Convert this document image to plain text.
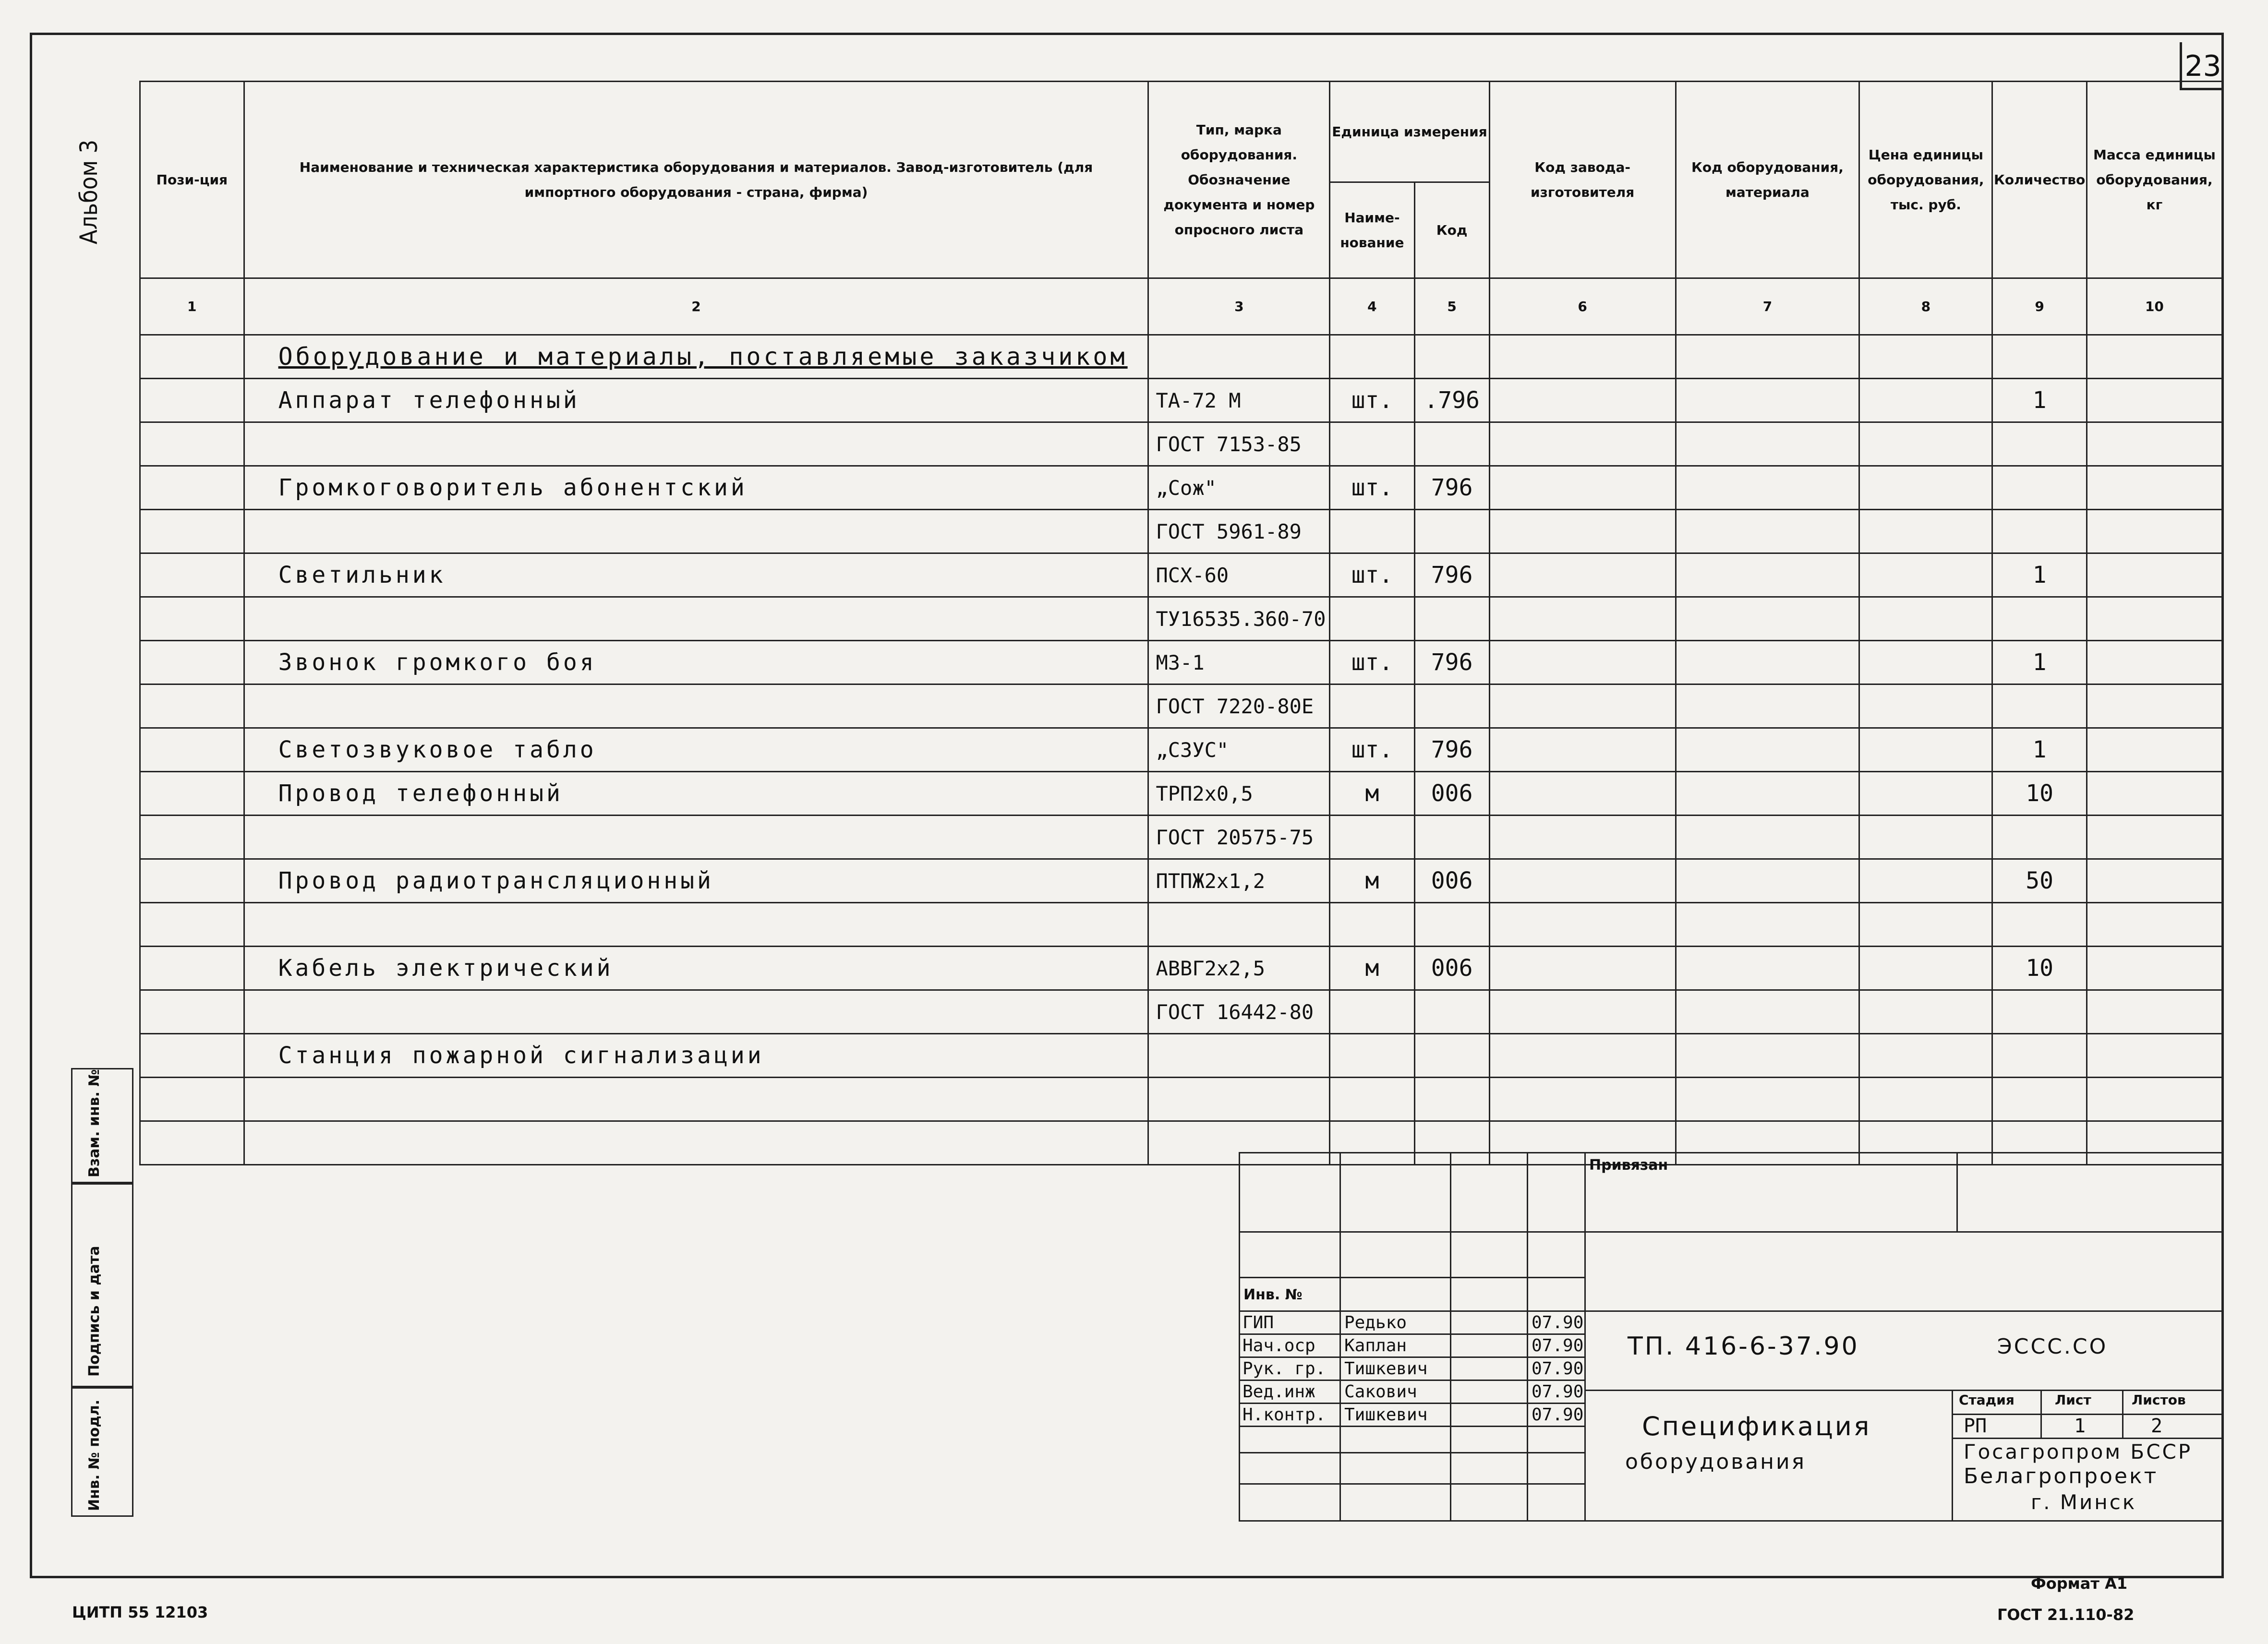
23
Альбом 3	Пози-ция	Наименование и техническая характеристика оборудования и материалов. Завод-изготовитель (для импортного оборудования - страна, фирма)	Тип, марка оборудования. Обозначение документа и номер опросного листа	Единица измерения		Код завода-изготовителя	Код оборудования, материала	Цена единицы оборудования, тыс. руб.	Количество	Масса единицы оборудования, кг
			Наиме-нование	Код					
1	2	3	4	5	6	7	8	9	10
	Оборудование и материалы, поставляемые заказчиком								
	Аппарат телефонный	ТА-72 М	шт.	.796				1	
		ГОСТ 7153-85							
	Громкоговоритель абонентский	„Сож"	шт.	796					
		ГОСТ 5961-89							
	Светильник	ПСХ-60	шт.	796				1	
		ТУ16535.360-70							
	Звонок громкого боя	МЗ-1	шт.	796				1	
		ГОСТ 7220-80Е							
	Светозвуковое табло	„СЗУС"	шт.	796				1	
	Провод телефонный	ТРП2х0,5	м	006				10	
		ГОСТ 20575-75							
	Провод радиотрансляционный	ПТПЖ2х1,2	м	006				50	

	Кабель электрический	АВВГ2х2,5	м	006				10	
		ГОСТ 16442-80							
	Станция пожарной сигнализации								

Взам. инв. №
Подпись и дата
Инв. № подл.
Привязан
Инв. №
ГИП	Редько	07.90
Нач.оср Каплан	07.90
Рук. гр. Тишкевич	07.90
Вед.инж Сакович	07.90
Н.контр. Тишкевич	07.90
ТП. 416-6-37.90	ЭССС.СО
Спецификация
оборудования
Стадия	Лист	Листов
РП	1	2
Госагропром БССР
Белагропроект
г. Минск
ЦИТП 55 12103
Формат А1
ГОСТ 21.110-82
